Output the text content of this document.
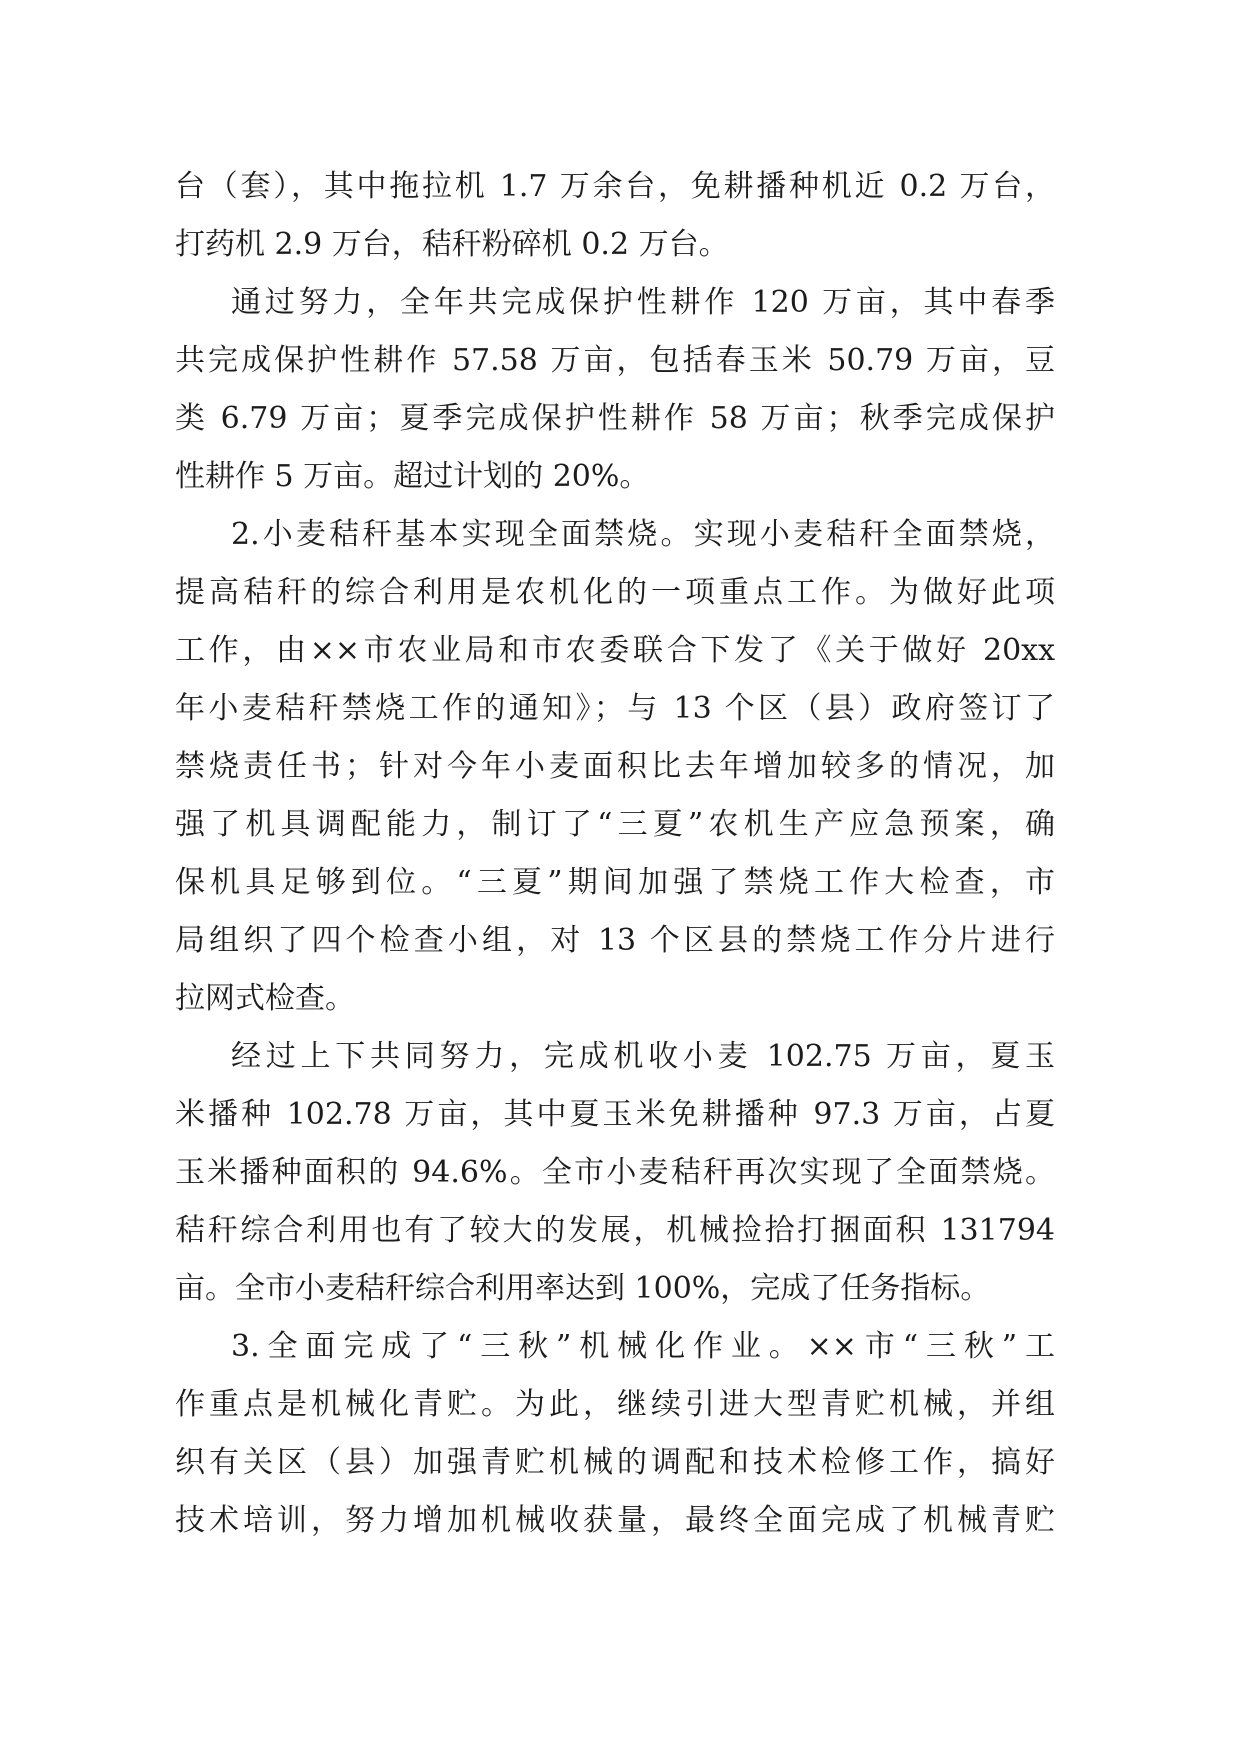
台（套），其中拖拉机 1.7 万余台，免耕播种机近 0.2 万台，
打药机 2.9 万台，秸秆粉碎机 0.2 万台。
通过努力，全年共完成保护性耕作 120 万亩，其中春季
共完成保护性耕作 57.58 万亩，包括春玉米 50.79 万亩，豆
类 6.79 万亩；夏季完成保护性耕作 58 万亩；秋季完成保护
性耕作 5 万亩。超过计划的 20%。
2.小麦秸秆基本实现全面禁烧。实现小麦秸秆全面禁烧，
提高秸秆的综合利用是农机化的一项重点工作。为做好此项
工作，由××市农业局和市农委联合下发了《关于做好 20xx
年小麦秸秆禁烧工作的通知》；与 13 个区（县）政府签订了
禁烧责任书；针对今年小麦面积比去年增加较多的情况，加
强了机具调配能力，制订了“三夏”农机生产应急预案，确
保机具足够到位。“三夏”期间加强了禁烧工作大检查，市
局组织了四个检查小组，对 13 个区县的禁烧工作分片进行
拉网式检查。
经过上下共同努力，完成机收小麦 102.75 万亩，夏玉
米播种 102.78 万亩，其中夏玉米免耕播种 97.3 万亩，占夏
玉米播种面积的 94.6%。全市小麦秸秆再次实现了全面禁烧。
秸秆综合利用也有了较大的发展，机械捡拾打捆面积 131794
亩。全市小麦秸秆综合利用率达到 100%，完成了任务指标。
3.全面完成了“三秋”机械化作业。××市“三秋”工
作重点是机械化青贮。为此，继续引进大型青贮机械，并组
织有关区（县）加强青贮机械的调配和技术检修工作，搞好
技术培训，努力增加机械收获量，最终全面完成了机械青贮
